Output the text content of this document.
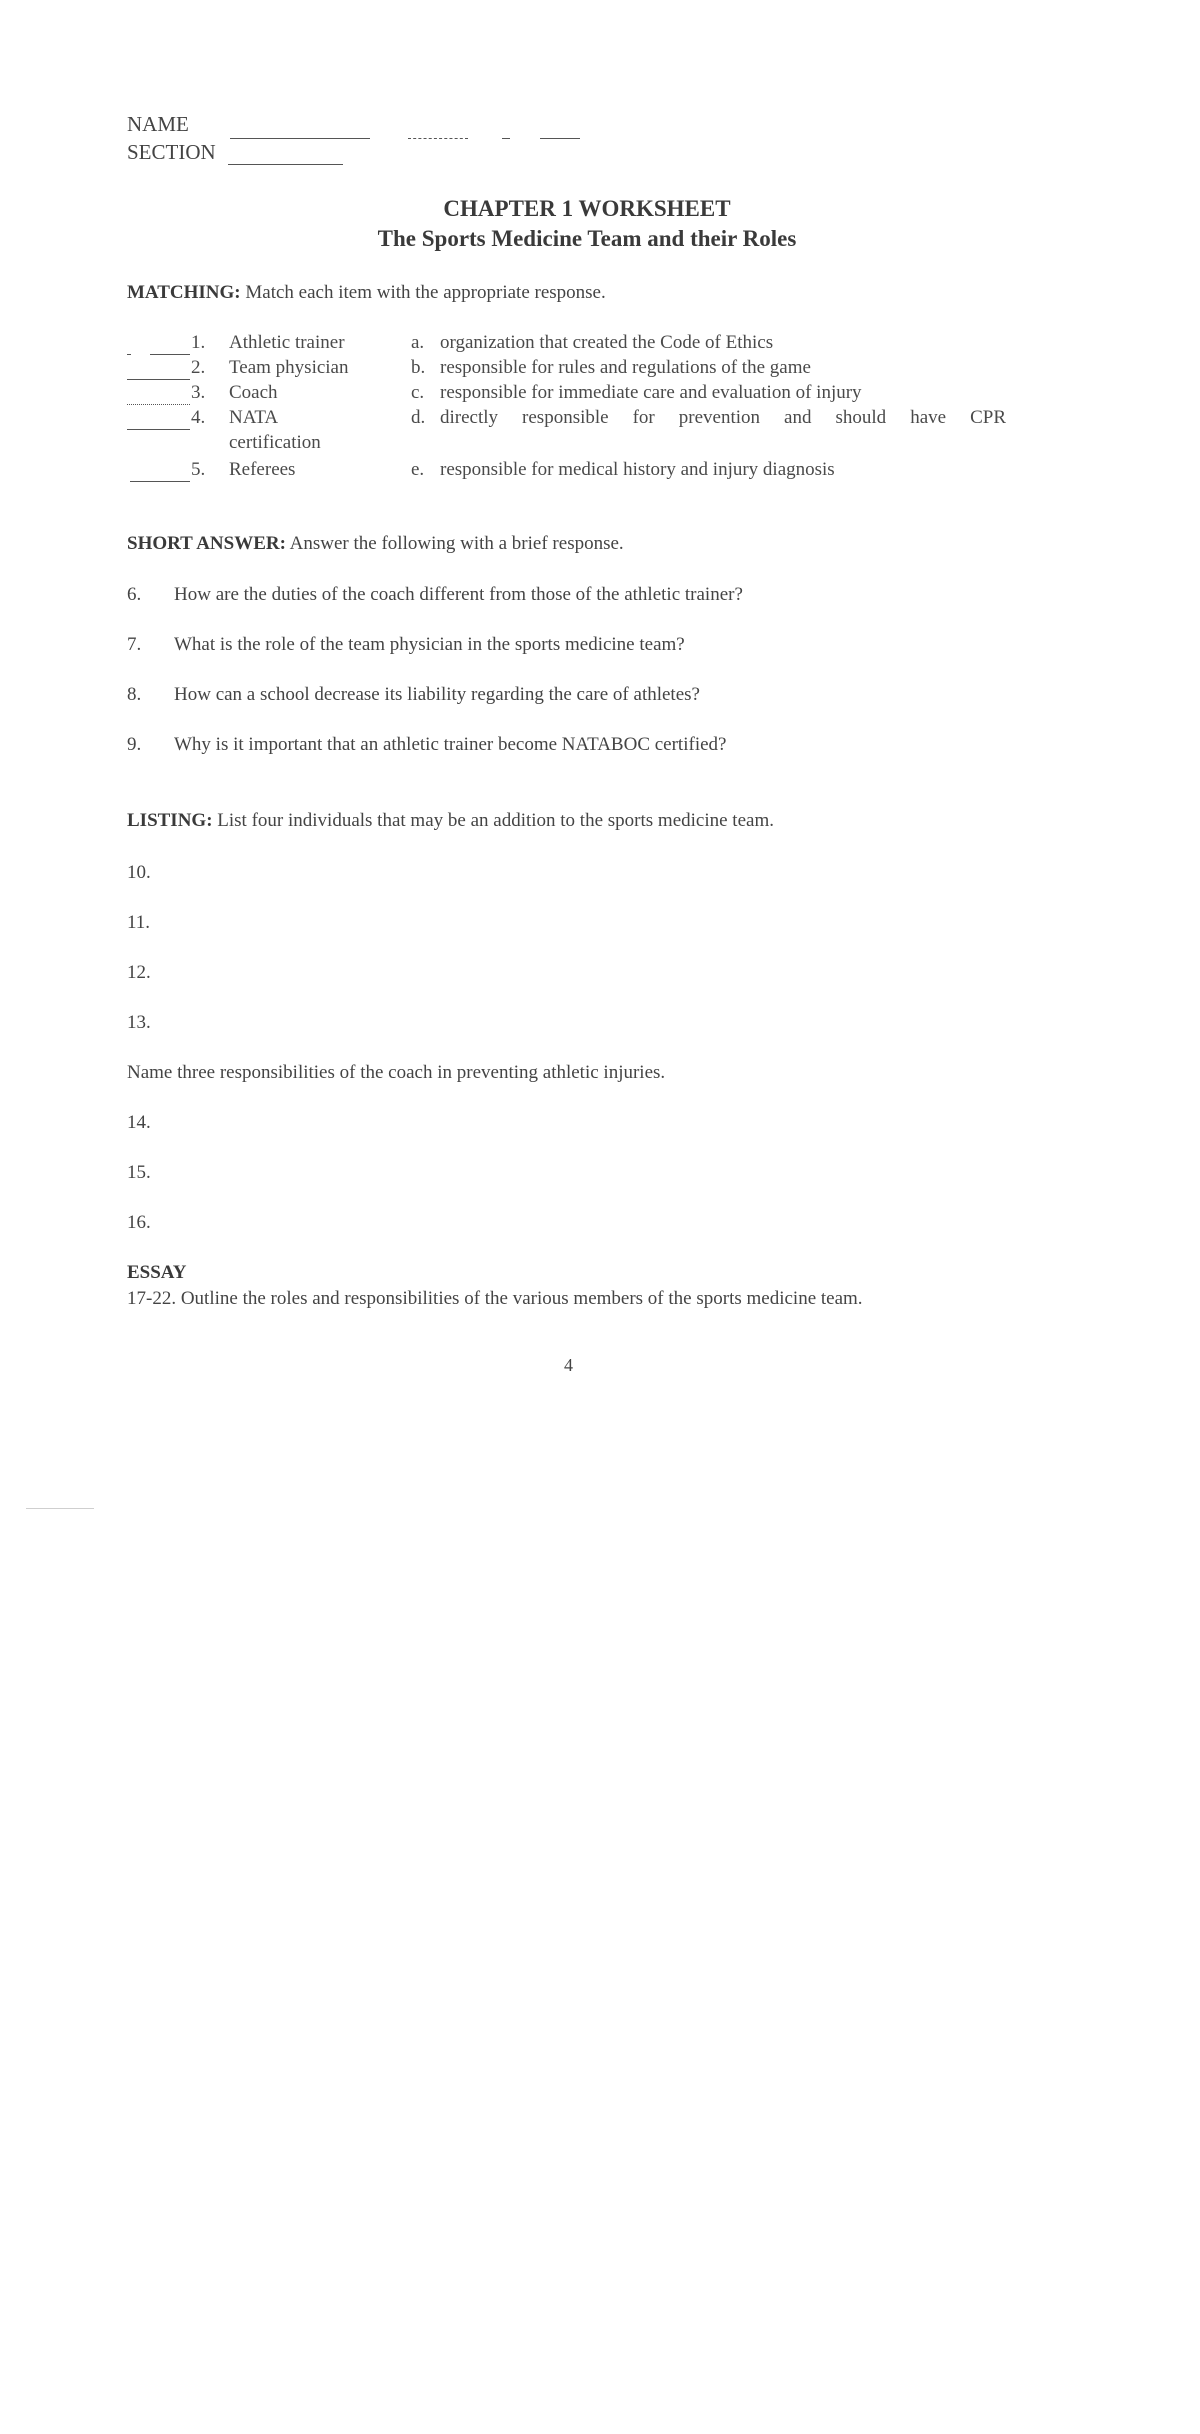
NAME
SECTION
CHAPTER 1 WORKSHEET
The Sports Medicine Team and their Roles
MATCHING: Match each item with the appropriate response.
1. Athletic trainer
2. Team physician
3. Coach
4. NATA
certification
5. Referees
a. organization that created the Code of Ethics
b. responsible for rules and regulations of the game
c. responsible for immediate care and evaluation of injury
d. directly responsible for prevention and should have CPR
e. responsible for medical history and injury diagnosis
SHORT ANSWER: Answer the following with a brief response.
6. How are the duties of the coach different from those of the athletic trainer?
7. What is the role of the team physician in the sports medicine team?
8. How can a school decrease its liability regarding the care of athletes?
9. Why is it important that an athletic trainer become NATABOC certified?
LISTING: List four individuals that may be an addition to the sports medicine team.
10.
11.
12.
13.
Name three responsibilities of the coach in preventing athletic injuries.
14.
15.
16.
ESSAY
17-22. Outline the roles and responsibilities of the various members of the sports medicine team.
4
